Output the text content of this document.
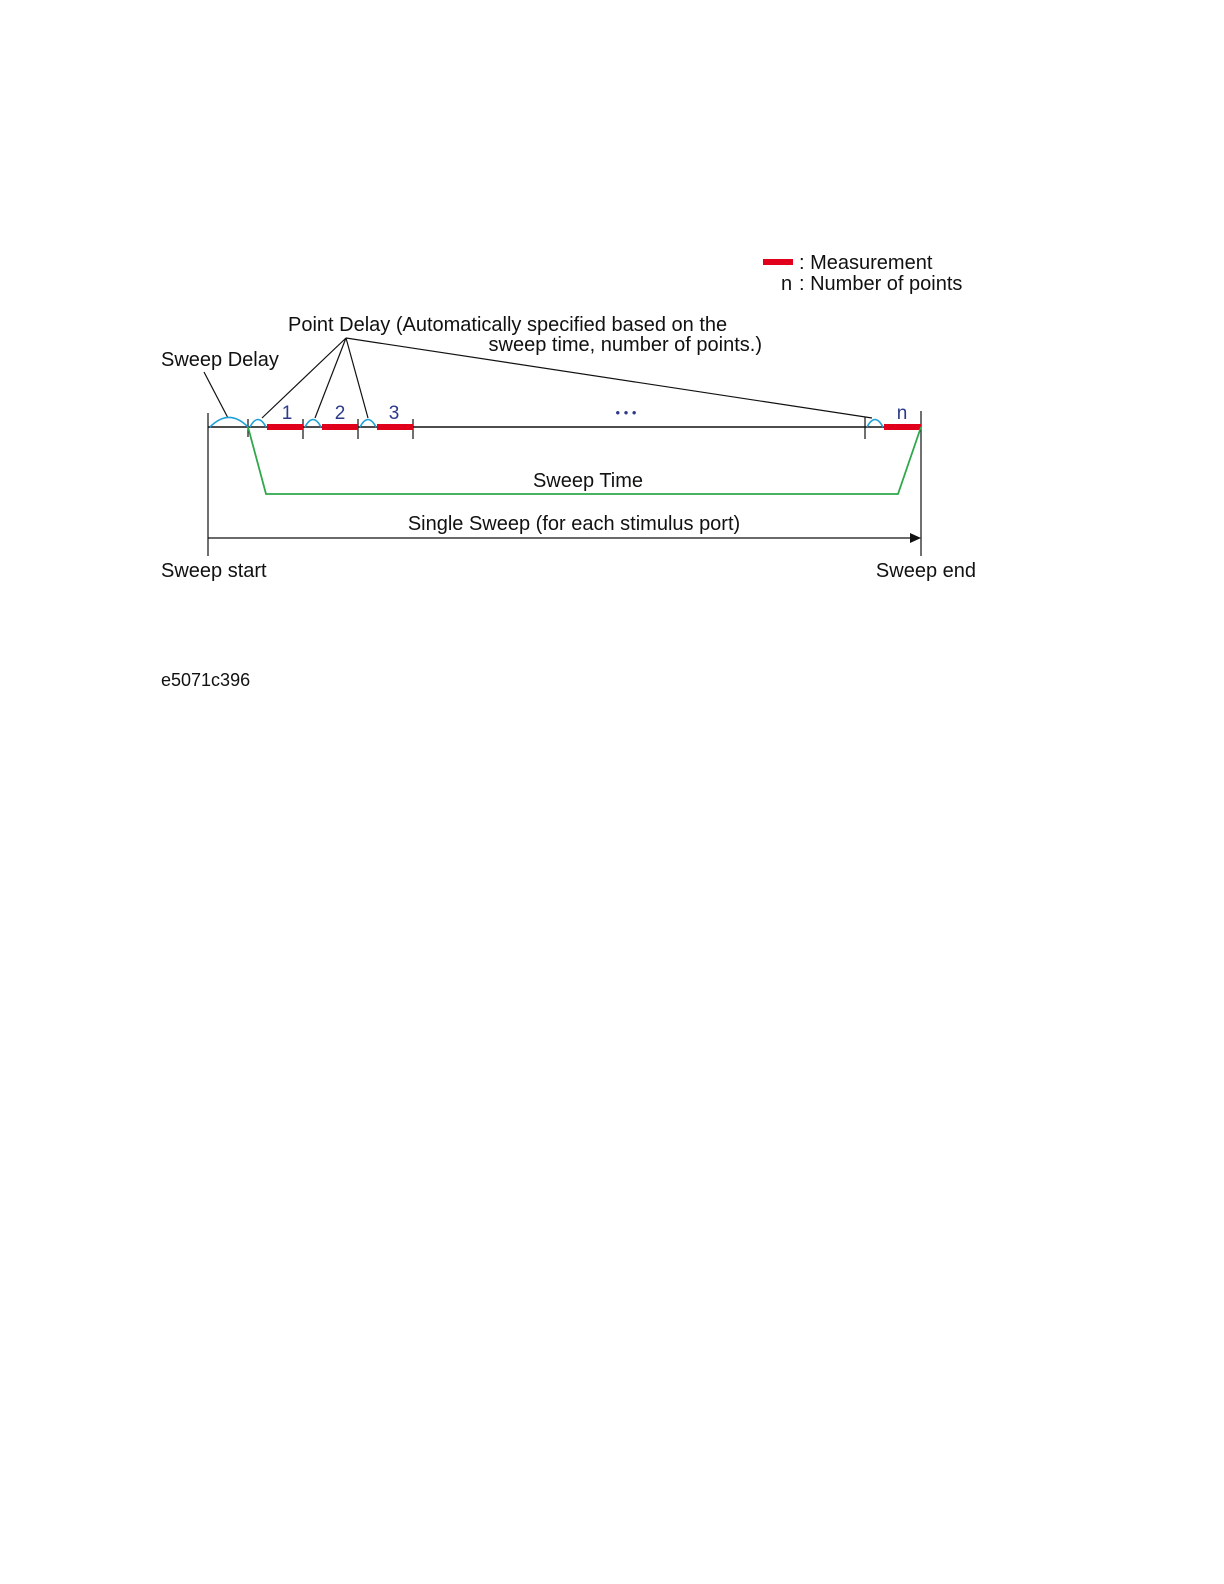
: Measurement
n : Number of points
Point Delay (Automatically specified based on the
sweep time, number of points.)
Sweep Delay
1 2 3	• • •	n
Sweep Time
Single Sweep (for each stimulus port)
Sweep start	Sweep end
e5071c396
